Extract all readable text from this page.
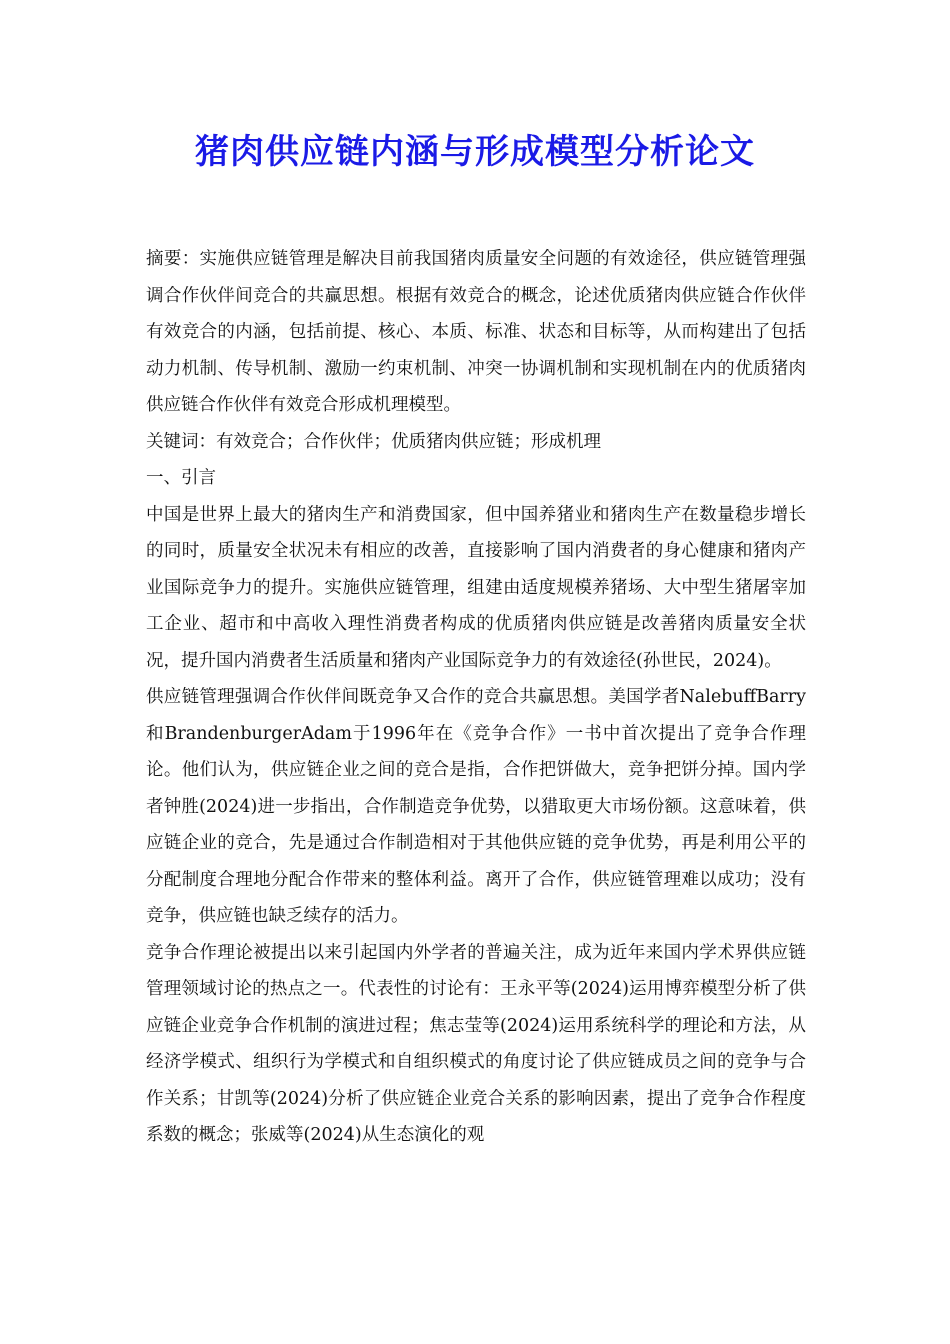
猪肉供应链内涵与形成模型分析论文

摘要：实施供应链管理是解决目前我国猪肉质量安全问题的有效途径，供应链管理强调合作伙伴间竞合的共赢思想。根据有效竞合的概念，论述优质猪肉供应链合作伙伴有效竞合的内涵，包括前提、核心、本质、标准、状态和目标等，从而构建出了包括动力机制、传导机制、激励一约束机制、冲突一协调机制和实现机制在内的优质猪肉供应链合作伙伴有效竞合形成机理模型。

关键词：有效竞合；合作伙伴；优质猪肉供应链；形成机理

一、引言

中国是世界上最大的猪肉生产和消费国家，但中国养猪业和猪肉生产在数量稳步增长的同时，质量安全状况未有相应的改善，直接影响了国内消费者的身心健康和猪肉产业国际竞争力的提升。实施供应链管理，组建由适度规模养猪场、大中型生猪屠宰加工企业、超市和中高收入理性消费者构成的优质猪肉供应链是改善猪肉质量安全状况，提升国内消费者生活质量和猪肉产业国际竞争力的有效途径(孙世民，2024)。

供应链管理强调合作伙伴间既竞争又合作的竞合共赢思想。美国学者NalebuffBarry和BrandenburgerAdam于1996年在《竞争合作》一书中首次提出了竞争合作理论。他们认为，供应链企业之间的竞合是指，合作把饼做大，竞争把饼分掉。国内学者钟胜(2024)进一步指出，合作制造竞争优势，以猎取更大市场份额。这意味着，供应链企业的竞合，先是通过合作制造相对于其他供应链的竞争优势，再是利用公平的分配制度合理地分配合作带来的整体利益。离开了合作，供应链管理难以成功；没有竞争，供应链也缺乏续存的活力。

竞争合作理论被提出以来引起国内外学者的普遍关注，成为近年来国内学术界供应链管理领域讨论的热点之一。代表性的讨论有：王永平等(2024)运用博弈模型分析了供应链企业竞争合作机制的演进过程；焦志莹等(2024)运用系统科学的理论和方法，从经济学模式、组织行为学模式和自组织模式的角度讨论了供应链成员之间的竞争与合作关系；甘凯等(2024)分析了供应链企业竞合关系的影响因素，提出了竞争合作程度系数的概念；张威等(2024)从生态演化的观
